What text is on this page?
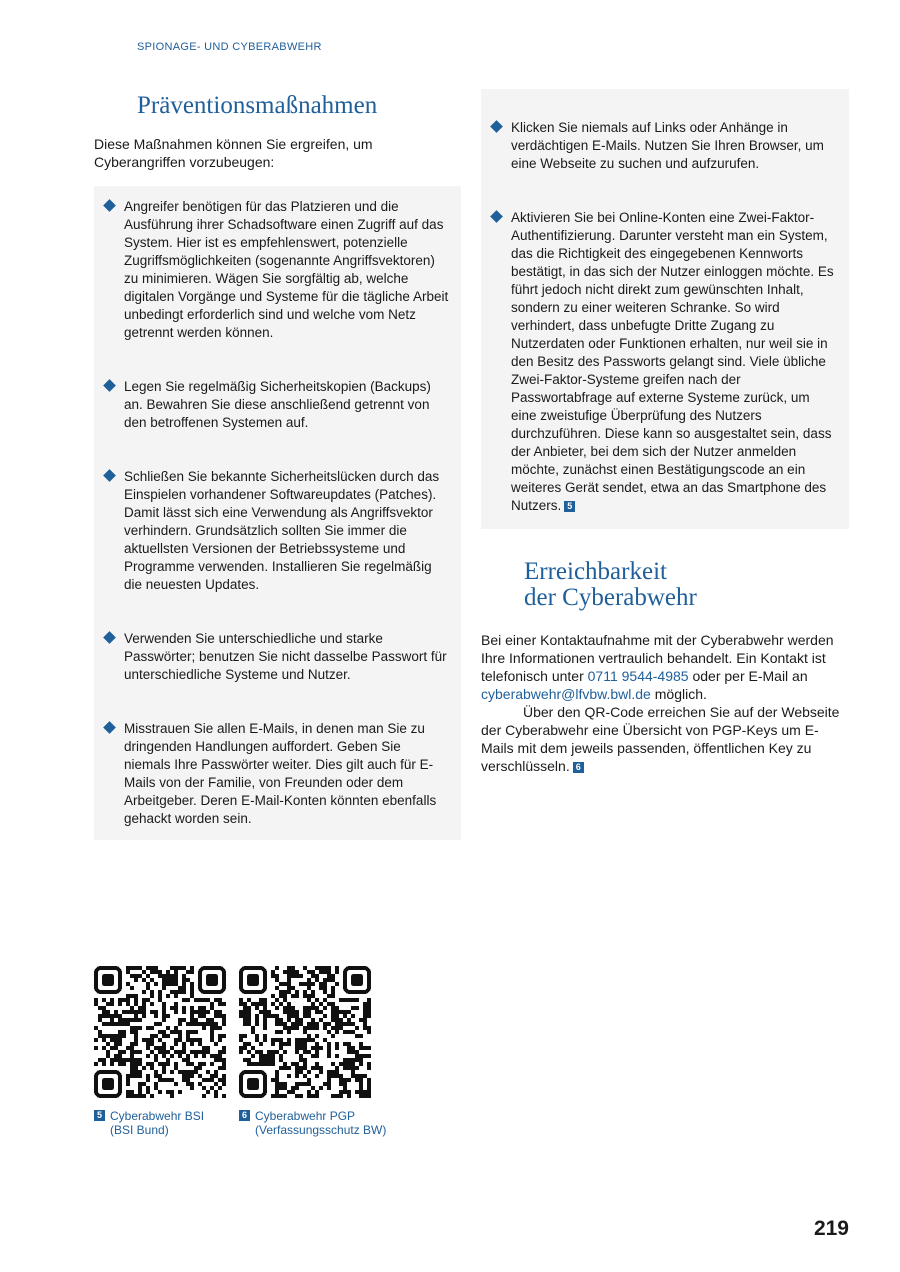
SPIONAGE- UND CYBERABWEHR
Präventionsmaßnahmen

Diese Maßnahmen können Sie ergreifen, um Cyberangriffen vorzubeugen:

Angreifer benötigen für das Platzieren und die Ausführung ihrer Schadsoftware einen Zugriff auf das System. Hier ist es empfehlenswert, potenzielle Zugriffsmöglichkeiten (sogenannte Angriffsvektoren) zu minimieren. Wägen Sie sorgfältig ab, welche digitalen Vorgänge und Systeme für die tägliche Arbeit unbedingt erforderlich sind und welche vom Netz getrennt werden können.
Legen Sie regelmäßig Sicherheitskopien (Backups) an. Bewahren Sie diese anschließend getrennt von den betroffenen Systemen auf.
Schließen Sie bekannte Sicherheitslücken durch das Einspielen vorhandener Softwareupdates (Patches). Damit lässt sich eine Verwendung als Angriffsvektor verhindern. Grundsätzlich sollten Sie immer die aktuellsten Versionen der Betriebssysteme und Programme verwenden. Installieren Sie regelmäßig die neuesten Updates.
Verwenden Sie unterschiedliche und starke Passwörter; benutzen Sie nicht dasselbe Passwort für unterschiedliche Systeme und Nutzer.
Misstrauen Sie allen E-Mails, in denen man Sie zu dringenden Handlungen auffordert. Geben Sie niemals Ihre Passwörter weiter. Dies gilt auch für E-Mails von der Familie, von Freunden oder dem Arbeitgeber. Deren E-Mail-Konten könnten ebenfalls gehackt worden sein.
Klicken Sie niemals auf Links oder Anhänge in verdächtigen E-Mails. Nutzen Sie Ihren Browser, um eine Webseite zu suchen und aufzurufen.
Aktivieren Sie bei Online-Konten eine Zwei-Faktor-Authentifizierung. Darunter versteht man ein System, das die Richtigkeit des eingegebenen Kennworts bestätigt, in das sich der Nutzer einloggen möchte. Es führt jedoch nicht direkt zum gewünschten Inhalt, sondern zu einer weiteren Schranke. So wird verhindert, dass unbefugte Dritte Zugang zu Nutzerdaten oder Funktionen erhalten, nur weil sie in den Besitz des Passworts gelangt sind. Viele übliche Zwei-Faktor-Systeme greifen nach der Passwortabfrage auf externe Systeme zurück, um eine zweistufige Überprüfung des Nutzers durchzuführen. Diese kann so ausgestaltet sein, dass der Anbieter, bei dem sich der Nutzer anmelden möchte, zunächst einen Bestätigungscode an ein weiteres Gerät sendet, etwa an das Smartphone des Nutzers. 5
Erreichbarkeit
der Cyberabwehr

Bei einer Kontaktaufnahme mit der Cyberabwehr werden Ihre Informationen vertraulich behandelt. Ein Kontakt ist telefonisch unter 0711 9544-4985 oder per E-Mail an cyberabwehr@lfvbw.bwl.de möglich.

Über den QR-Code erreichen Sie auf der Webseite der Cyberabwehr eine Übersicht von PGP-Keys um E-Mails mit dem jeweils passenden, öffentlichen Key zu verschlüsseln. 6

5 Cyberabwehr BSI
(BSI Bund)
6 Cyberabwehr PGP
(Verfassungsschutz BW)
219
